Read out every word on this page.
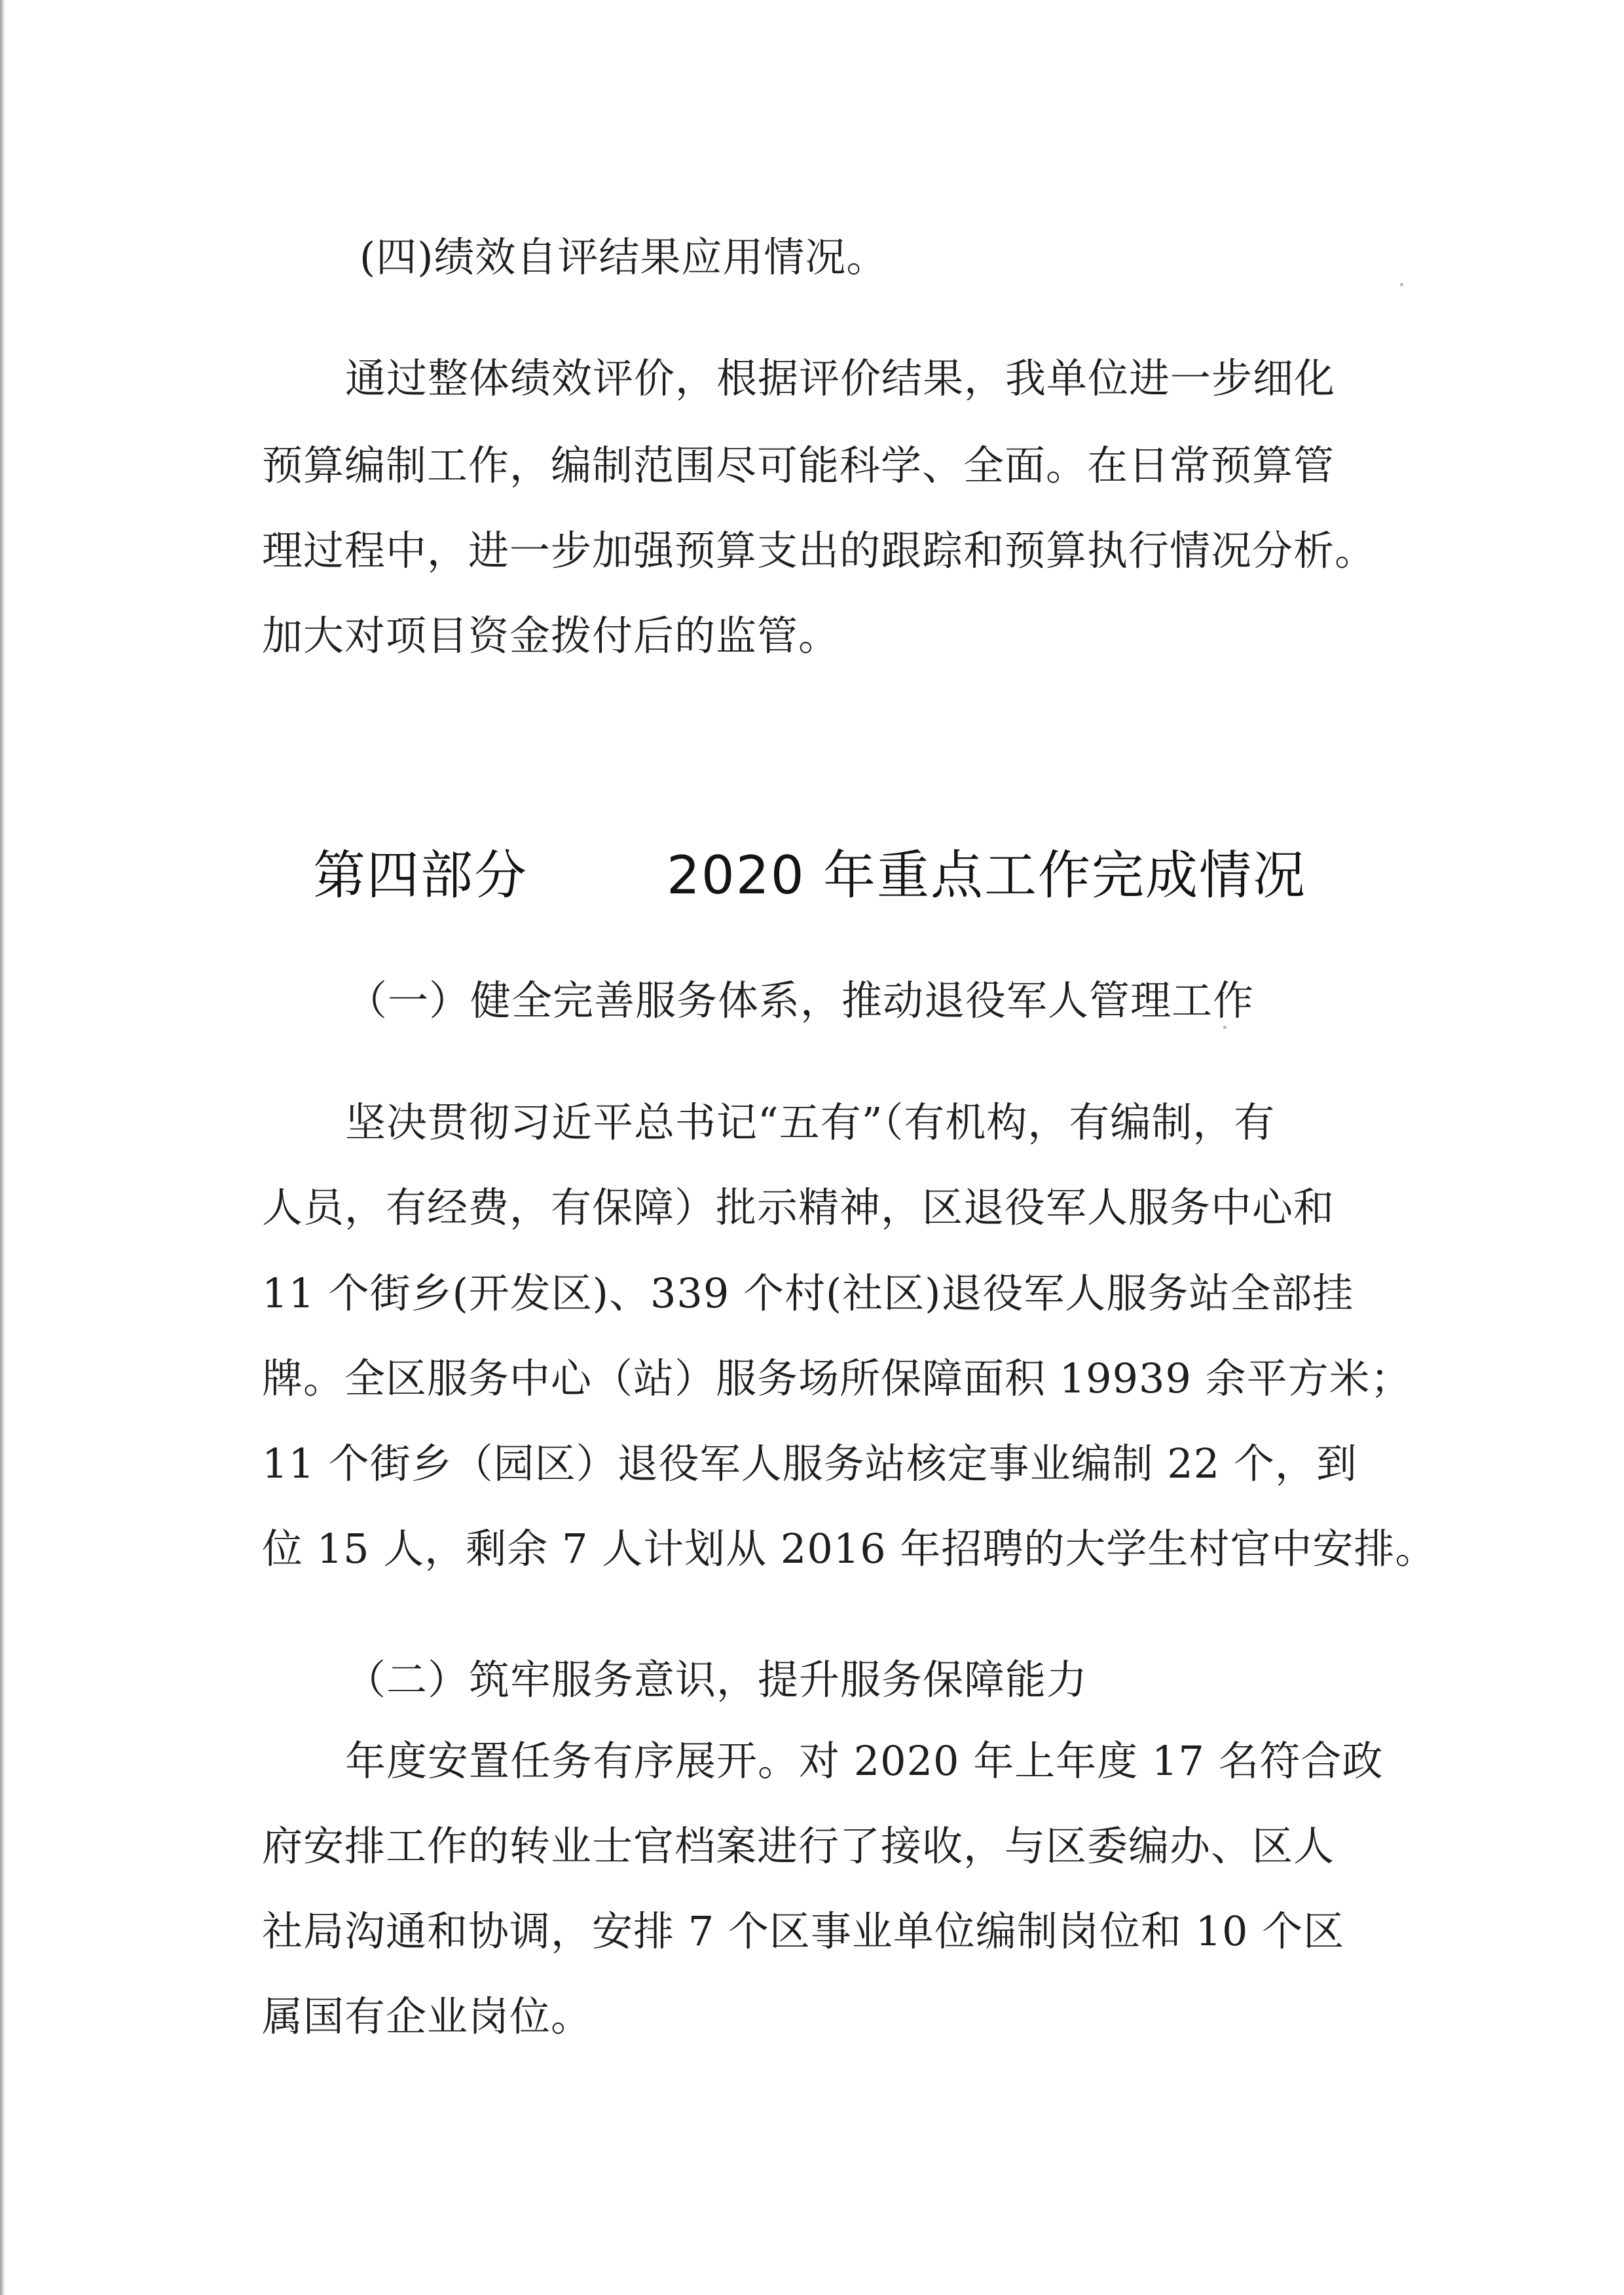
(四)绩效自评结果应用情况。
通过整体绩效评价，根据评价结果，我单位进一步细化
预算编制工作，编制范围尽可能科学、全面。在日常预算管
理过程中，进一步加强预算支出的跟踪和预算执行情况分析。
加大对项目资金拨付后的监管。
第四部分	2020 年重点工作完成情况
（一）健全完善服务体系，推动退役军人管理工作
坚决贯彻习近平总书记“五有”（有机构，有编制，有
人员，有经费，有保障）批示精神，区退役军人服务中心和
11 个街乡(开发区)、339 个村(社区)退役军人服务站全部挂
牌。全区服务中心（站）服务场所保障面积 19939 余平方米；
11 个街乡（园区）退役军人服务站核定事业编制 22 个，到
位 15 人，剩余 7 人计划从 2016 年招聘的大学生村官中安排。
（二）筑牢服务意识，提升服务保障能力
年度安置任务有序展开。对 2020 年上年度 17 名符合政
府安排工作的转业士官档案进行了接收，与区委编办、区人
社局沟通和协调，安排 7 个区事业单位编制岗位和 10 个区
属国有企业岗位。
